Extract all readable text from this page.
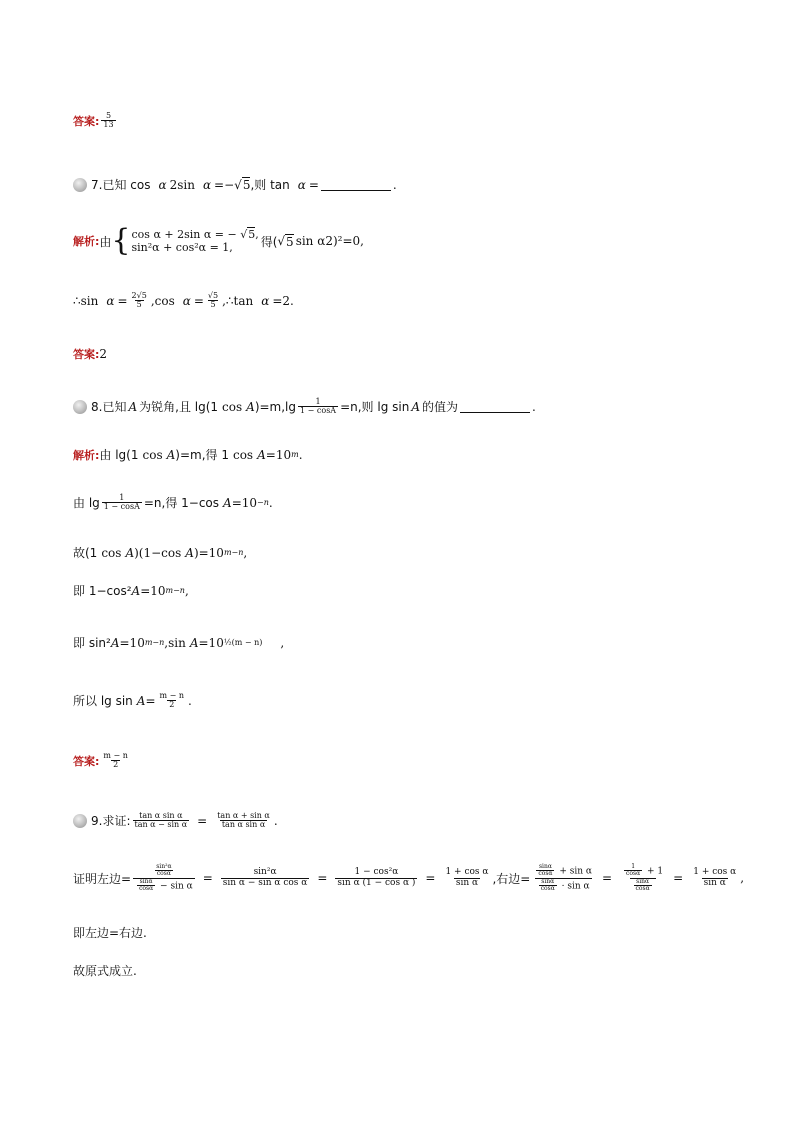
答案: $\frac{5}{13}$
7.已知 cos α 2sin α = −√ 5 ,则 tan α =	.
解析: 由 { cos α + 2sin α = − √5,
sin²α + cos²α = 1,	得( √ 5 sin α 2)²=0,
∴sin $\alpha = \frac{2√5}{5} ,\cos$ $\alpha = \frac{√5}{5}$ ,∴tan α =2.
答案: 2
8.已知 A 为锐角,且 lg(1 cos A )$=m,\lg \frac{1}{1 - \cos A} =n$,则 lg sin A 的值为	.
解析: 由 lg(1 cos A )=m,得 1 cos A =10 m .
由 $\lg \frac{1}{1 - \cos A} =n$,得 1−cos A =10 −n .
故(1 cos A )(1−cos A )=10 m−n ,
即 1−cos² A =10 m−n ,
即 sin² A =10 m−n ,sin A =10 ½(m − n) ,
所以 $\lg \sin A = \frac{m - n}{2}$ .
答案: $\frac{m - n}{2}$
9.求证: $\frac{\text{tan α sin α}}{\text{tan α − sin α}} = \frac{\text{tan α + sin α}}{\text{tan α sin α}}$ .
证明左边= $\frac{\frac{\text{sin²α}}{\cos\alpha}}{\frac{\sin\alpha}{\cos\alpha} - \sin \alpha} = \frac{\text{sin²α}}{\text{sin α − sin α cos α}} = \frac{\text{1 − cos²α}}{\text{sin α (1 − cos α )}} = \frac{\text{1 + cos α}}{\text{sin α}}$ ,右边= $\frac{\frac{\sin\alpha}{\cos\alpha} + \sin \alpha}{\frac{\sin\alpha}{\cos\alpha} \cdot \sin \alpha} = \frac{\frac{1}{\cos\alpha} + 1}{\frac{\sin\alpha}{\cos\alpha}} = \frac{\text{1 + cos α}}{\text{sin α}}$ ,
即左边=右边.
故原式成立.
